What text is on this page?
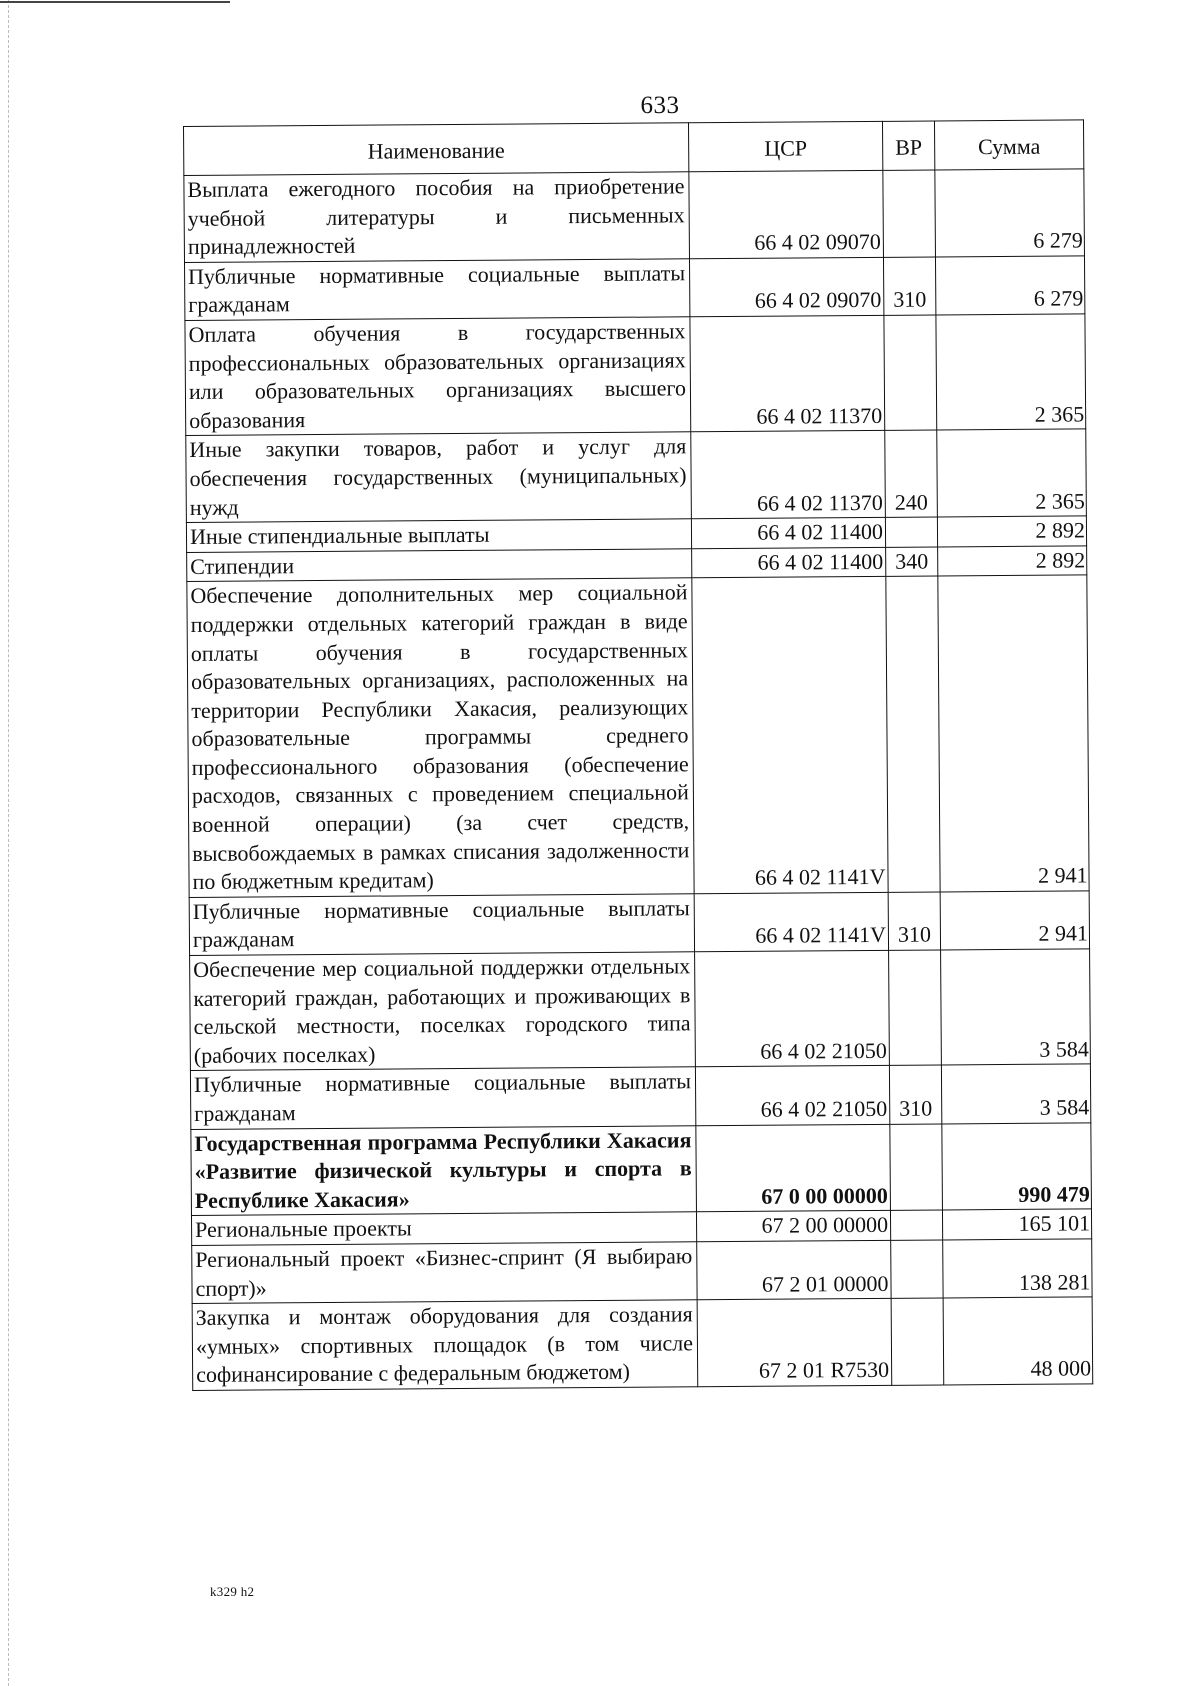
633
Наименование	ЦСР	ВР	Сумма
Выплата ежегодного пособия на приобретение учебной литературы и письменных принадлежностей	66 4 02 09070		6 279
Публичные нормативные социальные выплаты гражданам	66 4 02 09070	310	6 279
Оплата обучения в государственных профессиональных образовательных организациях или образовательных организациях высшего образования	66 4 02 11370		2 365
Иные закупки товаров, работ и услуг для обеспечения государственных (муниципальных) нужд	66 4 02 11370	240	2 365
Иные стипендиальные выплаты	66 4 02 11400		2 892
Стипендии	66 4 02 11400	340	2 892
Обеспечение дополнительных мер социальной поддержки отдельных категорий граждан в виде оплаты обучения в государственных образовательных организациях, расположенных на территории Республики Хакасия, реализующих образовательные программы среднего профессионального образования (обеспечение расходов, связанных с проведением специальной военной операции) (за счет средств, высвобождаемых в рамках списания задолженности по бюджетным кредитам)	66 4 02 1141V		2 941
Публичные нормативные социальные выплаты гражданам	66 4 02 1141V	310	2 941
Обеспечение мер социальной поддержки отдельных категорий граждан, работающих и проживающих в сельской местности, поселках городского типа (рабочих поселках)	66 4 02 21050		3 584
Публичные нормативные социальные выплаты гражданам	66 4 02 21050	310	3 584
Государственная программа Республики Хакасия «Развитие физической культуры и спорта в Республике Хакасия»	67 0 00 00000		990 479
Региональные проекты	67 2 00 00000		165 101
Региональный проект «Бизнес-спринт (Я выбираю спорт)»	67 2 01 00000		138 281
Закупка и монтаж оборудования для создания «умных» спортивных площадок (в том числе софинансирование с федеральным бюджетом)	67 2 01 R7530		48 000
k329 h2
